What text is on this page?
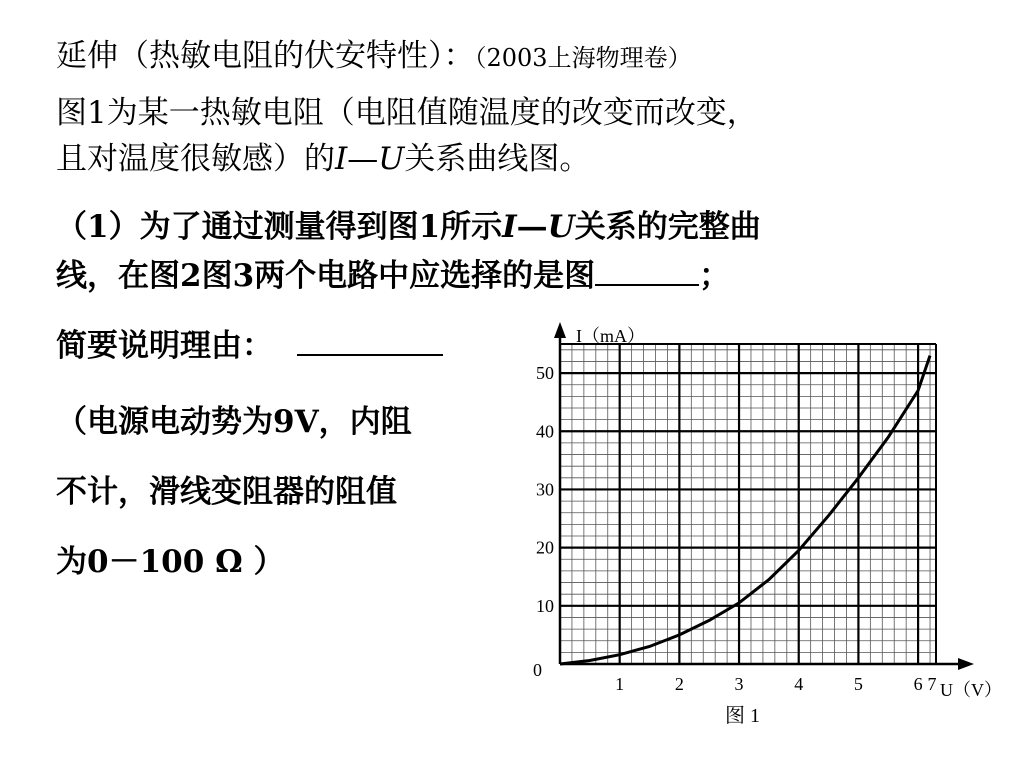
延伸（热敏电阻的伏安特性）：（2003上海物理卷）
图1为某一热敏电阻（电阻值随温度的改变而改变，
且对温度很敏感）的I—U关系曲线图。
（1）为了通过测量得到图1所示I—U关系的完整曲
线，在图2图3两个电路中应选择的是图	；
简要说明理由：
（电源电动势为9V，内阻
不计，滑线变阻器的阻值
为0－100 Ω ）
1	2	3	4	5	6 7
0
10
20
30
40
50
I（mA）
U（V）
图 1
